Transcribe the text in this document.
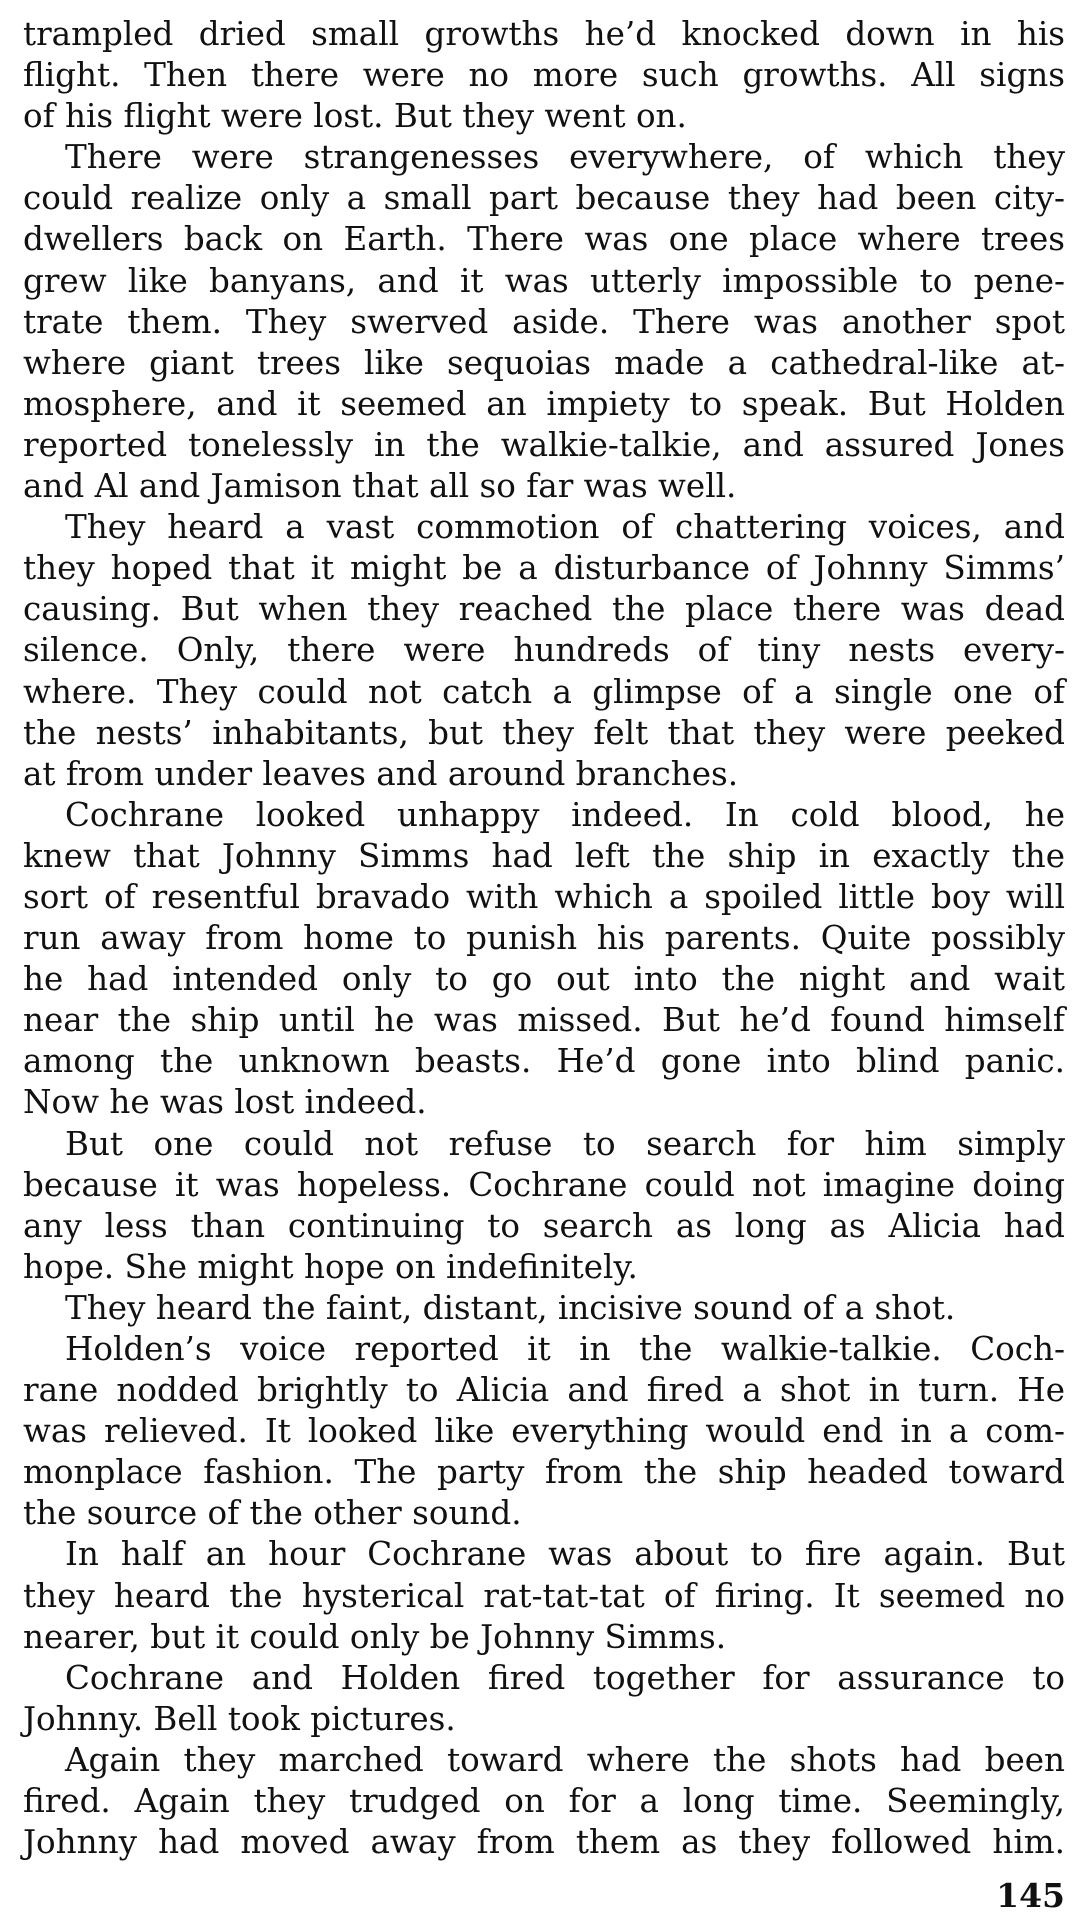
trampled dried small growths he’d knocked down in his
flight. Then there were no more such growths. All signs
of his flight were lost. But they went on.
There were strangenesses everywhere, of which they
could realize only a small part because they had been city-
dwellers back on Earth. There was one place where trees
grew like banyans, and it was utterly impossible to pene-
trate them. They swerved aside. There was another spot
where giant trees like sequoias made a cathedral-like at-
mosphere, and it seemed an impiety to speak. But Holden
reported tonelessly in the walkie-talkie, and assured Jones
and Al and Jamison that all so far was well.
They heard a vast commotion of chattering voices, and
they hoped that it might be a disturbance of Johnny Simms’
causing. But when they reached the place there was dead
silence. Only, there were hundreds of tiny nests every-
where. They could not catch a glimpse of a single one of
the nests’ inhabitants, but they felt that they were peeked
at from under leaves and around branches.
Cochrane looked unhappy indeed. In cold blood, he
knew that Johnny Simms had left the ship in exactly the
sort of resentful bravado with which a spoiled little boy will
run away from home to punish his parents. Quite possibly
he had intended only to go out into the night and wait
near the ship until he was missed. But he’d found himself
among the unknown beasts. He’d gone into blind panic.
Now he was lost indeed.
But one could not refuse to search for him simply
because it was hopeless. Cochrane could not imagine doing
any less than continuing to search as long as Alicia had
hope. She might hope on indefinitely.
They heard the faint, distant, incisive sound of a shot.
Holden’s voice reported it in the walkie-talkie. Coch-
rane nodded brightly to Alicia and fired a shot in turn. He
was relieved. It looked like everything would end in a com-
monplace fashion. The party from the ship headed toward
the source of the other sound.
In half an hour Cochrane was about to fire again. But
they heard the hysterical rat-tat-tat of firing. It seemed no
nearer, but it could only be Johnny Simms.
Cochrane and Holden fired together for assurance to
Johnny. Bell took pictures.
Again they marched toward where the shots had been
fired. Again they trudged on for a long time. Seemingly,
Johnny had moved away from them as they followed him.
145
